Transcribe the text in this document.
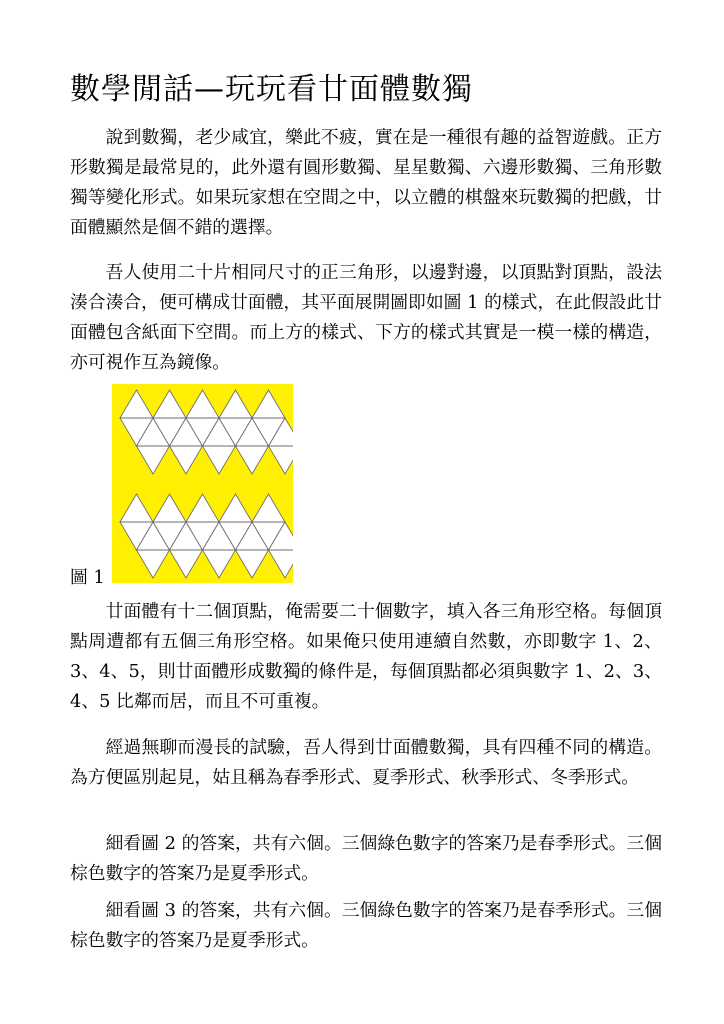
數學閒話—玩玩看廿面體數獨

說到數獨，老少咸宜，樂此不疲，實在是一種很有趣的益智遊戲。正方形數獨是最常見的，此外還有圓形數獨、星星數獨、六邊形數獨、三角形數獨等變化形式。如果玩家想在空間之中，以立體的棋盤來玩數獨的把戲，廿面體顯然是個不錯的選擇。

吾人使用二十片相同尺寸的正三角形，以邊對邊，以頂點對頂點，設法湊合湊合，便可構成廿面體，其平面展開圖即如圖 1 的樣式，在此假設此廿面體包含紙面下空間。而上方的樣式、下方的樣式其實是一模一樣的構造，亦可視作互為鏡像。

圖 1

廿面體有十二個頂點，俺需要二十個數字，填入各三角形空格。每個頂點周遭都有五個三角形空格。如果俺只使用連續自然數，亦即數字 1、2、3、4、5，則廿面體形成數獨的條件是，每個頂點都必須與數字 1、2、3、4、5 比鄰而居，而且不可重複。

經過無聊而漫長的試驗，吾人得到廿面體數獨，具有四種不同的構造。為方便區別起見，姑且稱為春季形式、夏季形式、秋季形式、冬季形式。

細看圖 2 的答案，共有六個。三個綠色數字的答案乃是春季形式。三個棕色數字的答案乃是夏季形式。

細看圖 3 的答案，共有六個。三個綠色數字的答案乃是春季形式。三個棕色數字的答案乃是夏季形式。
